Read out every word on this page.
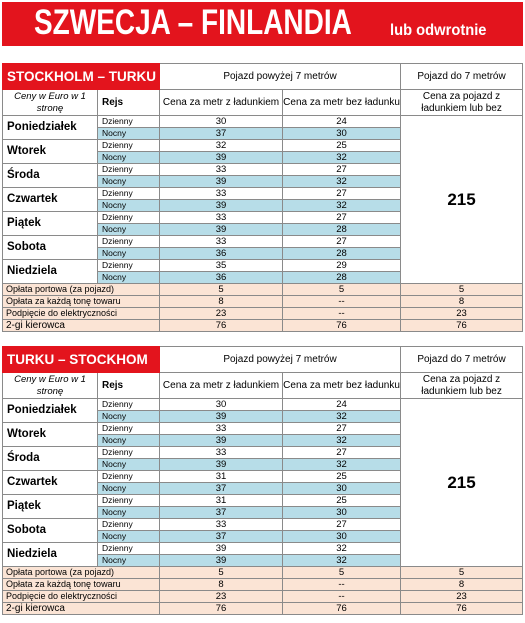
SZWECJA – FINLANDIA lub odwrotnie
STOCKHOLM – TURKU		Pojazd powyżej 7 metrów		Pojazd do 7 metrów
Ceny w Euro w 1 stronę	Rejs	Cena za metr z ładunkiem	Cena za metr bez ładunku	Cena za pojazd z ładunkiem lub bez
Poniedziałek	Dzienny	30	24	215
	Nocny	37	30	
Wtorek	Dzienny	32	25	
	Nocny	39	32	
Środa	Dzienny	33	27	
	Nocny	39	32	
Czwartek	Dzienny	33	27	
	Nocny	39	32	
Piątek	Dzienny	33	27	
	Nocny	39	28	
Sobota	Dzienny	33	27	
	Nocny	36	28	
Niedziela	Dzienny	35	29	
	Nocny	36	28	
Opłata portowa (za pojazd)		5	5	5
Opłata za każdą tonę towaru		8	--	8
Podpięcie do elektryczności		23	--	23
2-gi kierowca		76	76	76
TURKU – STOCKHOM		Pojazd powyżej 7 metrów		Pojazd do 7 metrów
Ceny w Euro w 1 stronę	Rejs	Cena za metr z ładunkiem	Cena za metr bez ładunku	Cena za pojazd z ładunkiem lub bez
Poniedziałek	Dzienny	30	24	215
	Nocny	39	32	
Wtorek	Dzienny	33	27	
	Nocny	39	32	
Środa	Dzienny	33	27	
	Nocny	39	32	
Czwartek	Dzienny	31	25	
	Nocny	37	30	
Piątek	Dzienny	31	25	
	Nocny	37	30	
Sobota	Dzienny	33	27	
	Nocny	37	30	
Niedziela	Dzienny	39	32	
	Nocny	39	32	
Opłata portowa (za pojazd)		5	5	5
Opłata za każdą tonę towaru		8	--	8
Podpięcie do elektryczności		23	--	23
2-gi kierowca		76	76	76
